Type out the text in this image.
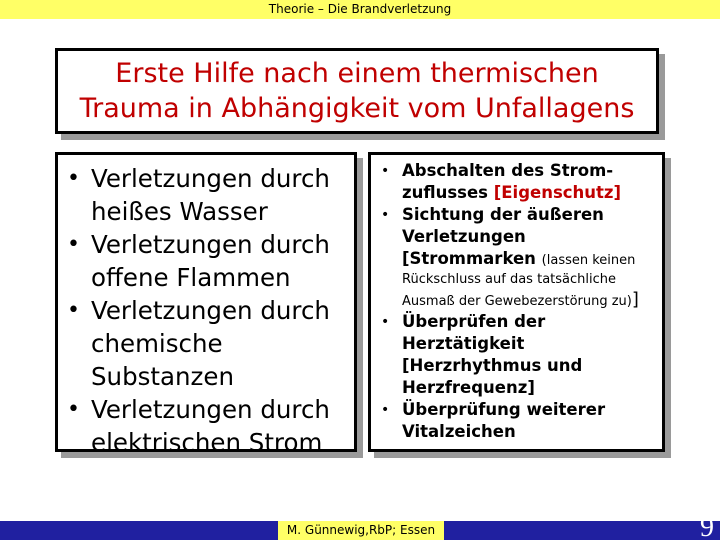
Theorie – Die Brandverletzung
Erste Hilfe nach einem thermischen
Trauma in Abhängigkeit vom Unfallagens
• Verletzungen durch
heißes Wasser
• Verletzungen durch
offene Flammen
• Verletzungen durch
chemische
Substanzen
• Verletzungen durch
elektrischen Strom
• Abschalten des Strom-
zuflusses [Eigenschutz]
• Sichtung der äußeren
Verletzungen
[Strommarken (lassen keinen
Rückschluss auf das tatsächliche
Ausmaß der Gewebezerstörung zu)]
• Überprüfen der
Herztätigkeit
[Herzrhythmus und
Herzfrequenz]
• Überprüfung weiterer
Vitalzeichen
M. Günnewig,RbP; Essen	9
